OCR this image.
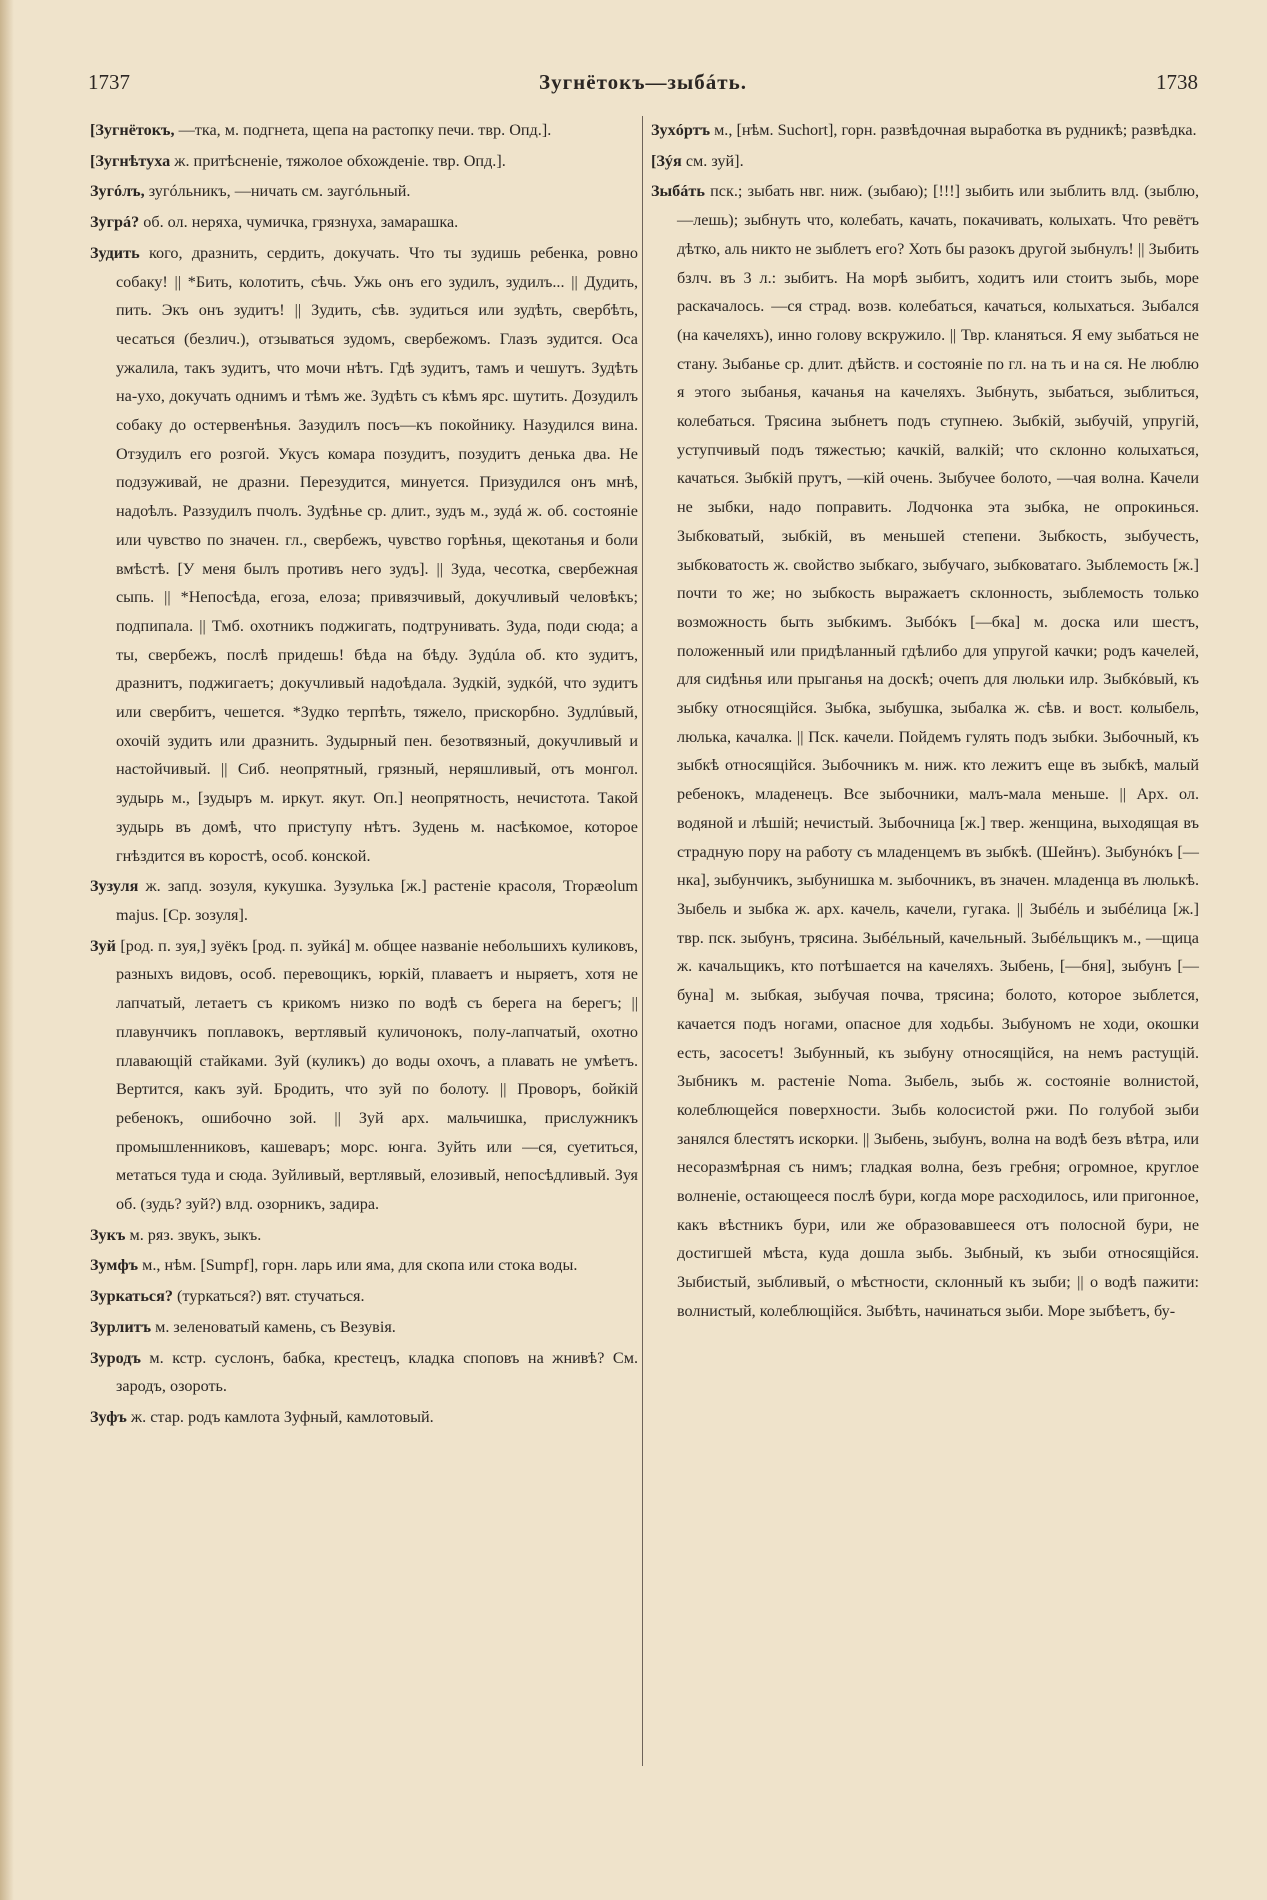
1737	Зугнётокъ—зыбáть.	1738

[Зугнётокъ, —тка, м. подгнета, щепа на растопку печи. твр. Опд.].

[Зугнѣтуха ж. притѣсненіе, тяжолое обхожденіе. твр. Опд.].

Зугóлъ, зугóльникъ, —ничать см. заугóльный.

Зугрá? об. ол. неряха, чумичка, грязнуха, замарашка.

Зудить кого, дразнить, сердить, докучать. Что ты зудишь ребенка, ровно собаку! || *Бить, колотить, сѣчь. Ужь онъ его зудилъ, зудилъ... || Дудить, пить. Экъ онъ зудитъ! || Зудить, сѣв. зудиться или зудѣть, свербѣть, чесаться (безлич.), отзываться зудомъ, свербежомъ. Глазъ зудится. Оса ужалила, такъ зудитъ, что мочи нѣтъ. Гдѣ зудитъ, тамъ и чешутъ. Зудѣть на-ухо, докучать однимъ и тѣмъ же. Зудѣть съ кѣмъ ярс. шутить. Дозудилъ собаку до остервенѣнья. Зазудилъ поcъ—къ покойнику. Назудился вина. Отзудилъ его розгой. Укусъ комара позудитъ, позудитъ денька два. Не подзуживай, не дразни. Перезудится, минуется. Призудился онъ мнѣ, надоѣлъ. Раззудилъ пчолъ. Зудѣнье ср. длит., зудъ м., зудá ж. об. состояніе или чувство по значен. гл., свербежъ, чувство горѣнья, щекотанья и боли вмѣстѣ. [У меня былъ противъ него зудъ]. || Зуда, чесотка, свербежная сыпь. || *Непосѣда, егоза, елоза; привязчивый, докучливый человѣкъ; подпипала. || Тмб. охотникъ поджигать, подтрунивать. Зуда, поди сюда; а ты, свербежъ, послѣ придешь! бѣда на бѣду. Зудúла об. кто зудитъ, дразнитъ, поджигаетъ; докучливый надоѣдала. Зудкій, зудкóй, что зудитъ или свербитъ, чешется. *Зудко терпѣть, тяжело, прискорбно. Зудлúвый, охочій зудить или дразнить. Зудырный пен. безотвязный, докучливый и настойчивый. || Сиб. неопрятный, грязный, неряшливый, отъ монгол. зудырь м., [зудыръ м. иркут. якут. Оп.] неопрятность, нечистота. Такой зудырь въ домѣ, что приступу нѣтъ. Зудень м. насѣкомое, которое гнѣздится въ коростѣ, особ. конской.

Зузуля ж. запд. зозуля, кукушка. Зузулька [ж.] растеніе красоля, Tropæolum majus. [Ср. зозуля].

Зуй [род. п. зуя,] зуёкъ [род. п. зуйкá] м. общее названіе небольшихъ куликовъ, разныхъ видовъ, особ. перевощикъ, юркій, плаваетъ и ныряетъ, хотя не лапчатый, летаетъ съ крикомъ низко по водѣ съ берега на берегъ; || плавунчикъ поплавокъ, вертлявый куличонокъ, полу-лапчатый, охотно плавающій стайками. Зуй (куликъ) до воды охочъ, а плавать не умѣетъ. Вертится, какъ зуй. Бродить, что зуй по болоту. || Проворъ, бойкій ребенокъ, ошибочно зой. || Зуй арх. мальчишка, прислужникъ промышленниковъ, кашеваръ; морс. юнга. Зуйть или —ся, суетиться, метаться туда и сюда. Зуйливый, вертлявый, елозивый, непосѣдливый. Зуя об. (зудь? зуй?) влд. озорникъ, задира.

Зукъ м. ряз. звукъ, зыкъ.

Зумфъ м., нѣм. [Sumpf], горн. ларь или яма, для скопа или стока воды.

Зуркаться? (туркаться?) вят. стучаться.

Зурлитъ м. зеленоватый камень, съ Везувія.

Зуродъ м. кстр. суслонъ, бабка, крестецъ, кладка споповъ на жнивѣ? См. зародъ, озороть.

Зуфъ ж. стар. родъ камлота Зуфный, камлотовый.

Зухóртъ м., [нѣм. Suchort], горн. развѣдочная выработка въ рудникѣ; развѣдка.

[Зýя см. зуй].

Зыбáть пск.; зыбать нвг. ниж. (зыбаю); [!!!] зыбить или зыблить влд. (зыблю, —лешь); зыбнуть что, колебать, качать, покачивать, колыхать. Что ревётъ дѣтко, аль никто не зыблетъ его? Хоть бы разокъ другой зыбнулъ! || Зыбить бзлч. въ 3 л.: зыбитъ. На морѣ зыбитъ, ходитъ или стоитъ зыбь, море раскачалось. —ся страд. возв. колебаться, качаться, колыхаться. Зыбался (на качеляхъ), инно голову вскружило. || Твр. кланяться. Я ему зыбаться не стану. Зыбанье ср. длит. дѣйств. и состояніе по гл. на ть и на ся. Не люблю я этого зыбанья, качанья на качеляхъ. Зыбнуть, зыбаться, зыблиться, колебаться. Трясина зыбнетъ подъ ступнею. Зыбкій, зыбучій, упругій, уступчивый подъ тяжестью; качкій, валкій; что склонно колыхаться, качаться. Зыбкій прутъ, —кій очень. Зыбучее болото, —чая волна. Качели не зыбки, надо поправить. Лодчонка эта зыбка, не опрокинься. Зыбковатый, зыбкій, въ меньшей степени. Зыбкость, зыбучесть, зыбковатость ж. свойство зыбкаго, зыбучаго, зыбковатаго. Зыблемость [ж.] почти то же; но зыбкость выражаетъ склонность, зыблемость только возможность быть зыбкимъ. Зыбóкъ [—бка] м. доска или шестъ, положенный или придѣланный гдѣлибо для упругой качки; родъ качелей, для сидѣнья или прыганья на доскѣ; очепъ для люльки илр. Зыбкóвый, къ зыбку относящійся. Зыбка, зыбушка, зыбалка ж. сѣв. и вост. колыбель, люлька, качалка. || Пск. качели. Пойдемъ гулять подъ зыбки. Зыбочный, къ зыбкѣ относящійся. Зыбочникъ м. ниж. кто лежитъ еще въ зыбкѣ, малый ребенокъ, младенецъ. Все зыбочники, малъ-мала меньше. || Арх. ол. водяной и лѣшій; нечистый. Зыбочница [ж.] твер. женщина, выходящая въ страдную пору на работу съ младенцемъ въ зыбкѣ. (Шейнъ). Зыбунóкъ [—нка], зыбунчикъ, зыбунишка м. зыбочникъ, въ значен. младенца въ люлькѣ. Зыбель и зыбка ж. арх. качель, качели, гугака. || Зыбéль и зыбéлица [ж.] твр. пск. зыбунъ, трясина. Зыбéльный, качельный. Зыбéльщикъ м., —щица ж. качальщикъ, кто потѣшается на качеляхъ. Зыбень, [—бня], зыбунъ [—буна] м. зыбкая, зыбучая почва, трясина; болото, которое зыблется, качается подъ ногами, опасное для ходьбы. Зыбуномъ не ходи, окошки есть, засосетъ! Зыбунный, къ зыбуну относящійся, на немъ растущій. Зыбникъ м. растеніе Noma. Зыбель, зыбь ж. состояніе волнистой, колеблющейся поверхности. Зыбь колосистой ржи. По голубой зыби занялся блестятъ искорки. || Зыбень, зыбунъ, волна на водѣ безъ вѣтра, или несоразмѣрная съ нимъ; гладкая волна, безъ гребня; огромное, круглое волненіе, остающееся послѣ бури, когда море расходилось, или пригонное, какъ вѣстникъ бури, или же образовавшееся отъ полосной бури, не достигшей мѣста, куда дошла зыбь. Зыбный, къ зыби относящійся. Зыбистый, зыбливый, о мѣстности, склонный къ зыби; || о водѣ пажити: волнистый, колеблющійся. Зыбѣть, начинаться зыби. Море зыбѣетъ, бу-
